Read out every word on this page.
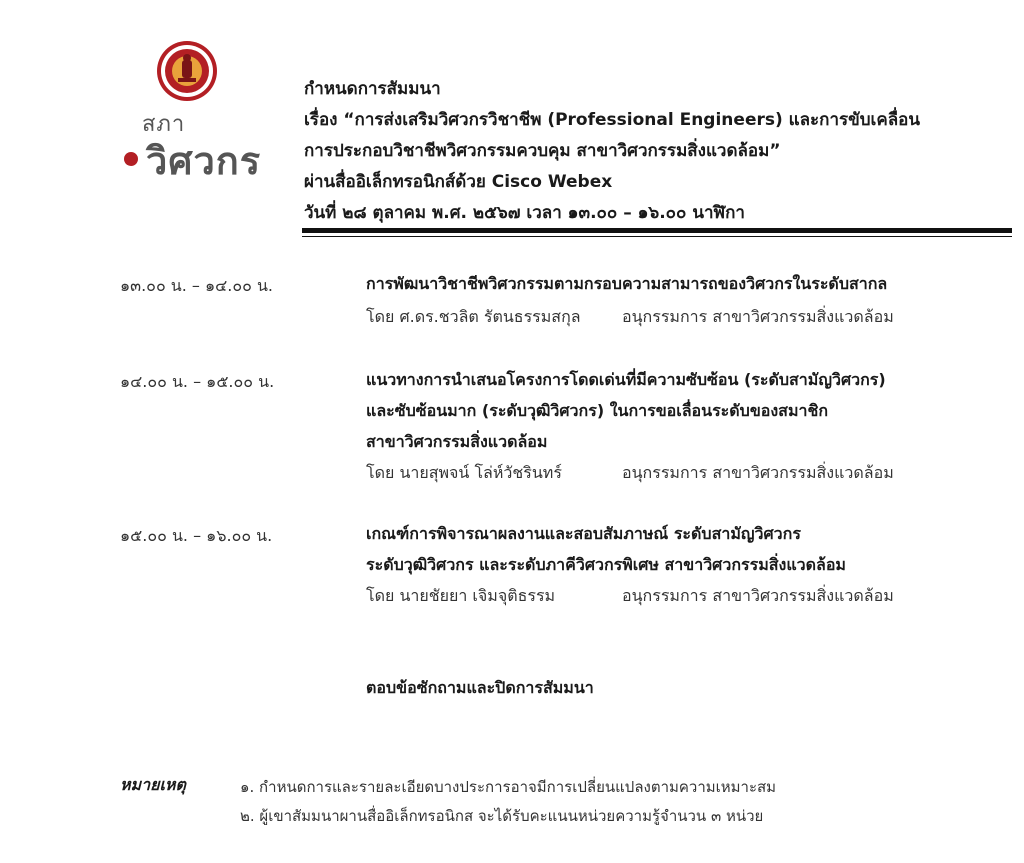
สภา
วิศวกร
กำหนดการสัมมนา
เรื่อง “การส่งเสริมวิศวกรวิชาชีพ (Professional Engineers) และการขับเคลื่อน
การประกอบวิชาชีพวิศวกรรมควบคุม สาขาวิศวกรรมสิ่งแวดล้อม”
ผ่านสื่ออิเล็กทรอนิกส์ด้วย Cisco Webex
วันที่ ๒๘ ตุลาคม พ.ศ. ๒๕๖๗ เวลา ๑๓.๐๐ – ๑๖.๐๐ นาฬิกา
๑๓.๐๐ น. – ๑๔.๐๐ น.	การพัฒนาวิชาชีพวิศวกรรมตามกรอบความสามารถของวิศวกรในระดับสากล
โดย ศ.ดร.ชวลิต รัตนธรรมสกุล	อนุกรรมการ สาขาวิศวกรรมสิ่งแวดล้อม
๑๔.๐๐ น. – ๑๕.๐๐ น.	แนวทางการนำเสนอโครงการโดดเด่นที่มีความซับซ้อน (ระดับสามัญวิศวกร)
และซับซ้อนมาก (ระดับวุฒิวิศวกร) ในการขอเลื่อนระดับของสมาชิก
สาขาวิศวกรรมสิ่งแวดล้อม
โดย นายสุพจน์ โล่ห์วัชรินทร์	อนุกรรมการ สาขาวิศวกรรมสิ่งแวดล้อม
๑๕.๐๐ น. – ๑๖.๐๐ น.	เกณฑ์การพิจารณาผลงานและสอบสัมภาษณ์ ระดับสามัญวิศวกร
ระดับวุฒิวิศวกร และระดับภาคีวิศวกรพิเศษ สาขาวิศวกรรมสิ่งแวดล้อม
โดย นายชัยยา เจิมจุติธรรม	อนุกรรมการ สาขาวิศวกรรมสิ่งแวดล้อม
ตอบข้อซักถามและปิดการสัมมนา
หมายเหตุ	๑. กำหนดการและรายละเอียดบางประการอาจมีการเปลี่ยนแปลงตามความเหมาะสม
๒. ผู้เขาสัมมนาผานสื่ออิเล็กทรอนิกส จะได้รับคะแนนหน่วยความรู้จำนวน ๓ หน่วย
